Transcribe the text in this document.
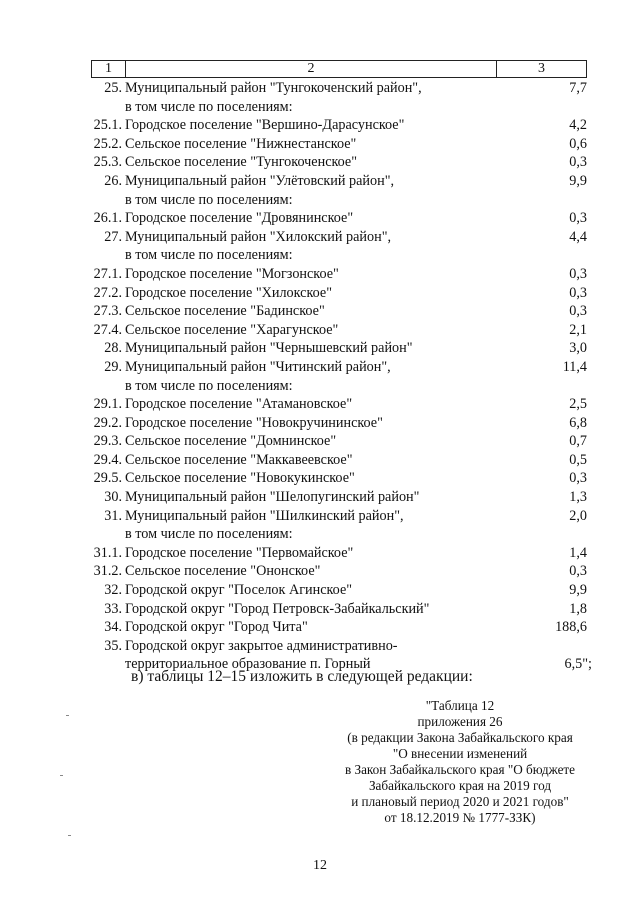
1	2	3
25. Муниципальный район "Тунгокоченский район",	7,7
в том числе по поселениям:
25.1. Городское поселение "Вершино-Дарасунское"	4,2
25.2. Сельское поселение "Нижнестанское"	0,6
25.3. Сельское поселение "Тунгокоченское"	0,3
26. Муниципальный район "Улётовский район",	9,9
в том числе по поселениям:
26.1. Городское поселение "Дровянинское"	0,3
27. Муниципальный район "Хилокский район",	4,4
в том числе по поселениям:
27.1. Городское поселение "Могзонское"	0,3
27.2. Городское поселение "Хилокское"	0,3
27.3. Сельское поселение "Бадинское"	0,3
27.4. Сельское поселение "Харагунское"	2,1
28. Муниципальный район "Чернышевский район"	3,0
29. Муниципальный район "Читинский район",	11,4
в том числе по поселениям:
29.1. Городское поселение "Атамановское"	2,5
29.2. Городское поселение "Новокручининское"	6,8
29.3. Сельское поселение "Домнинское"	0,7
29.4. Сельское поселение "Маккавеевское"	0,5
29.5. Сельское поселение "Новокукинское"	0,3
30. Муниципальный район "Шелопугинский район"	1,3
31. Муниципальный район "Шилкинский район",	2,0
в том числе по поселениям:
31.1. Городское поселение "Первомайское"	1,4
31.2. Сельское поселение "Ононское"	0,3
32. Городской округ "Поселок Агинское"	9,9
33. Городской округ "Город Петровск-Забайкальский"	1,8
34. Городской округ "Город Чита"	188,6
35. Городской округ закрытое административно-
территориальное образование п. Горный	6,5";
в) таблицы 12–15 изложить в следующей редакции:
"Таблица 12
приложения 26
(в редакции Закона Забайкальского края
"О внесении изменений
в Закон Забайкальского края "О бюджете
Забайкальского края на 2019 год
и плановый период 2020 и 2021 годов"
от 18.12.2019 № 1777-ЗЗК)
12
